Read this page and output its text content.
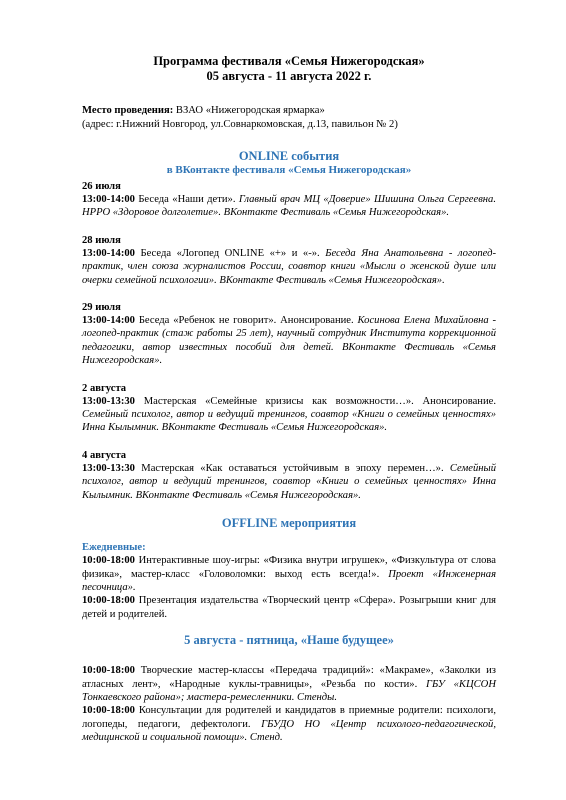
Программа фестиваля «Семья Нижегородская»
05 августа - 11 августа 2022 г.
Место проведения: ВЗАО «Нижегородская ярмарка»
(адрес: г.Нижний Новгород, ул.Совнаркомовская, д.13, павильон № 2)
ONLINE события
в ВКонтакте фестиваля «Семья Нижегородская»
26 июля
13:00-14:00 Беседа «Наши дети». Главный врач МЦ «Доверие» Шишина Ольга Сергеевна. НРРО «Здоровое долголетие». ВКонтакте Фестиваль «Семья Нижегородская».
28 июля
13:00-14:00 Беседа «Логопед ONLINE «+» и «-». Беседа Яна Анатольевна - логопед-практик, член союза журналистов России, соавтор книги «Мысли о женской душе или очерки семейной психологии». ВКонтакте Фестиваль «Семья Нижегородская».
29 июля
13:00-14:00 Беседа «Ребенок не говорит». Анонсирование. Косинова Елена Михайловна - логопед-практик (стаж работы 25 лет), научный сотрудник Института коррекционной педагогики, автор известных пособий для детей. ВКонтакте Фестиваль «Семья Нижегородская».
2 августа
13:00-13:30 Мастерская «Семейные кризисы как возможности…». Анонсирование. Семейный психолог, автор и ведущий тренингов, соавтор «Книги о семейных ценностях» Инна Кылымник. ВКонтакте Фестиваль «Семья Нижегородская».
4 августа
13:00-13:30 Мастерская «Как оставаться устойчивым в эпоху перемен…». Семейный психолог, автор и ведущий тренингов, соавтор «Книги о семейных ценностях» Инна Кылымник. ВКонтакте Фестиваль «Семья Нижегородская».
OFFLINE мероприятия
Ежедневные:
10:00-18:00 Интерактивные шоу-игры: «Физика внутри игрушек», «Физкультура от слова физика», мастер-класс «Головоломки: выход есть всегда!». Проект «Инженерная песочница».
10:00-18:00 Презентация издательства «Творческий центр «Сфера». Розыгрыши книг для детей и родителей.
5 августа - пятница, «Наше будущее»
10:00-18:00 Творческие мастер-классы «Передача традиций»: «Макраме», «Заколки из атласных лент», «Народные куклы-травницы», «Резьба по кости». ГБУ «КЦСОН Тонкаевского района»; мастера-ремесленники. Стенды.
10:00-18:00 Консультации для родителей и кандидатов в приемные родители: психологи, логопеды, педагоги, дефектологи. ГБУДО НО «Центр психолого-педагогической, медицинской и социальной помощи». Стенд.
